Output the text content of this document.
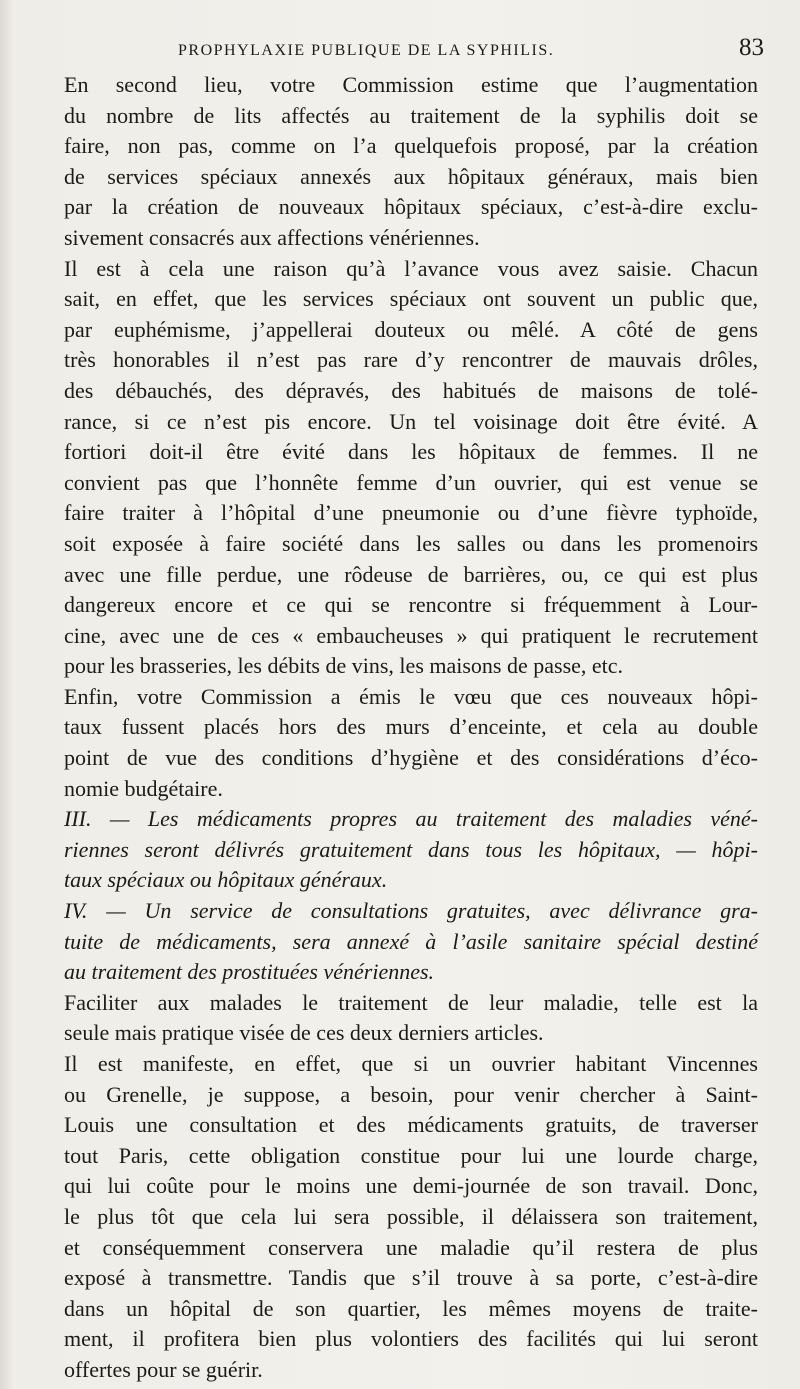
PROPHYLAXIE PUBLIQUE DE LA SYPHILIS.	83

En second lieu, votre Commission estime que l’augmentation
du nombre de lits affectés au traitement de la syphilis doit se
faire, non pas, comme on l’a quelquefois proposé, par la création
de services spéciaux annexés aux hôpitaux généraux, mais bien
par la création de nouveaux hôpitaux spéciaux, c’est-à-dire exclu-
sivement consacrés aux affections vénériennes.

Il est à cela une raison qu’à l’avance vous avez saisie. Chacun
sait, en effet, que les services spéciaux ont souvent un public que,
par euphémisme, j’appellerai douteux ou mêlé. A côté de gens
très honorables il n’est pas rare d’y rencontrer de mauvais drôles,
des débauchés, des dépravés, des habitués de maisons de tolé-
rance, si ce n’est pis encore. Un tel voisinage doit être évité. A
fortiori doit-il être évité dans les hôpitaux de femmes. Il ne
convient pas que l’honnête femme d’un ouvrier, qui est venue se
faire traiter à l’hôpital d’une pneumonie ou d’une fièvre typhoïde,
soit exposée à faire société dans les salles ou dans les promenoirs
avec une fille perdue, une rôdeuse de barrières, ou, ce qui est plus
dangereux encore et ce qui se rencontre si fréquemment à Lour-
cine, avec une de ces « embaucheuses » qui pratiquent le recrutement
pour les brasseries, les débits de vins, les maisons de passe, etc.

Enfin, votre Commission a émis le vœu que ces nouveaux hôpi-
taux fussent placés hors des murs d’enceinte, et cela au double
point de vue des conditions d’hygiène et des considérations d’éco-
nomie budgétaire.

III. — Les médicaments propres au traitement des maladies véné-
riennes seront délivrés gratuitement dans tous les hôpitaux, — hôpi-
taux spéciaux ou hôpitaux généraux.

IV. — Un service de consultations gratuites, avec délivrance gra-
tuite de médicaments, sera annexé à l’asile sanitaire spécial destiné
au traitement des prostituées vénériennes.

Faciliter aux malades le traitement de leur maladie, telle est la
seule mais pratique visée de ces deux derniers articles.

Il est manifeste, en effet, que si un ouvrier habitant Vincennes
ou Grenelle, je suppose, a besoin, pour venir chercher à Saint-
Louis une consultation et des médicaments gratuits, de traverser
tout Paris, cette obligation constitue pour lui une lourde charge,
qui lui coûte pour le moins une demi-journée de son travail. Donc,
le plus tôt que cela lui sera possible, il délaissera son traitement,
et conséquemment conservera une maladie qu’il restera de plus
exposé à transmettre. Tandis que s’il trouve à sa porte, c’est-à-dire
dans un hôpital de son quartier, les mêmes moyens de traite-
ment, il profitera bien plus volontiers des facilités qui lui seront
offertes pour se guérir.
